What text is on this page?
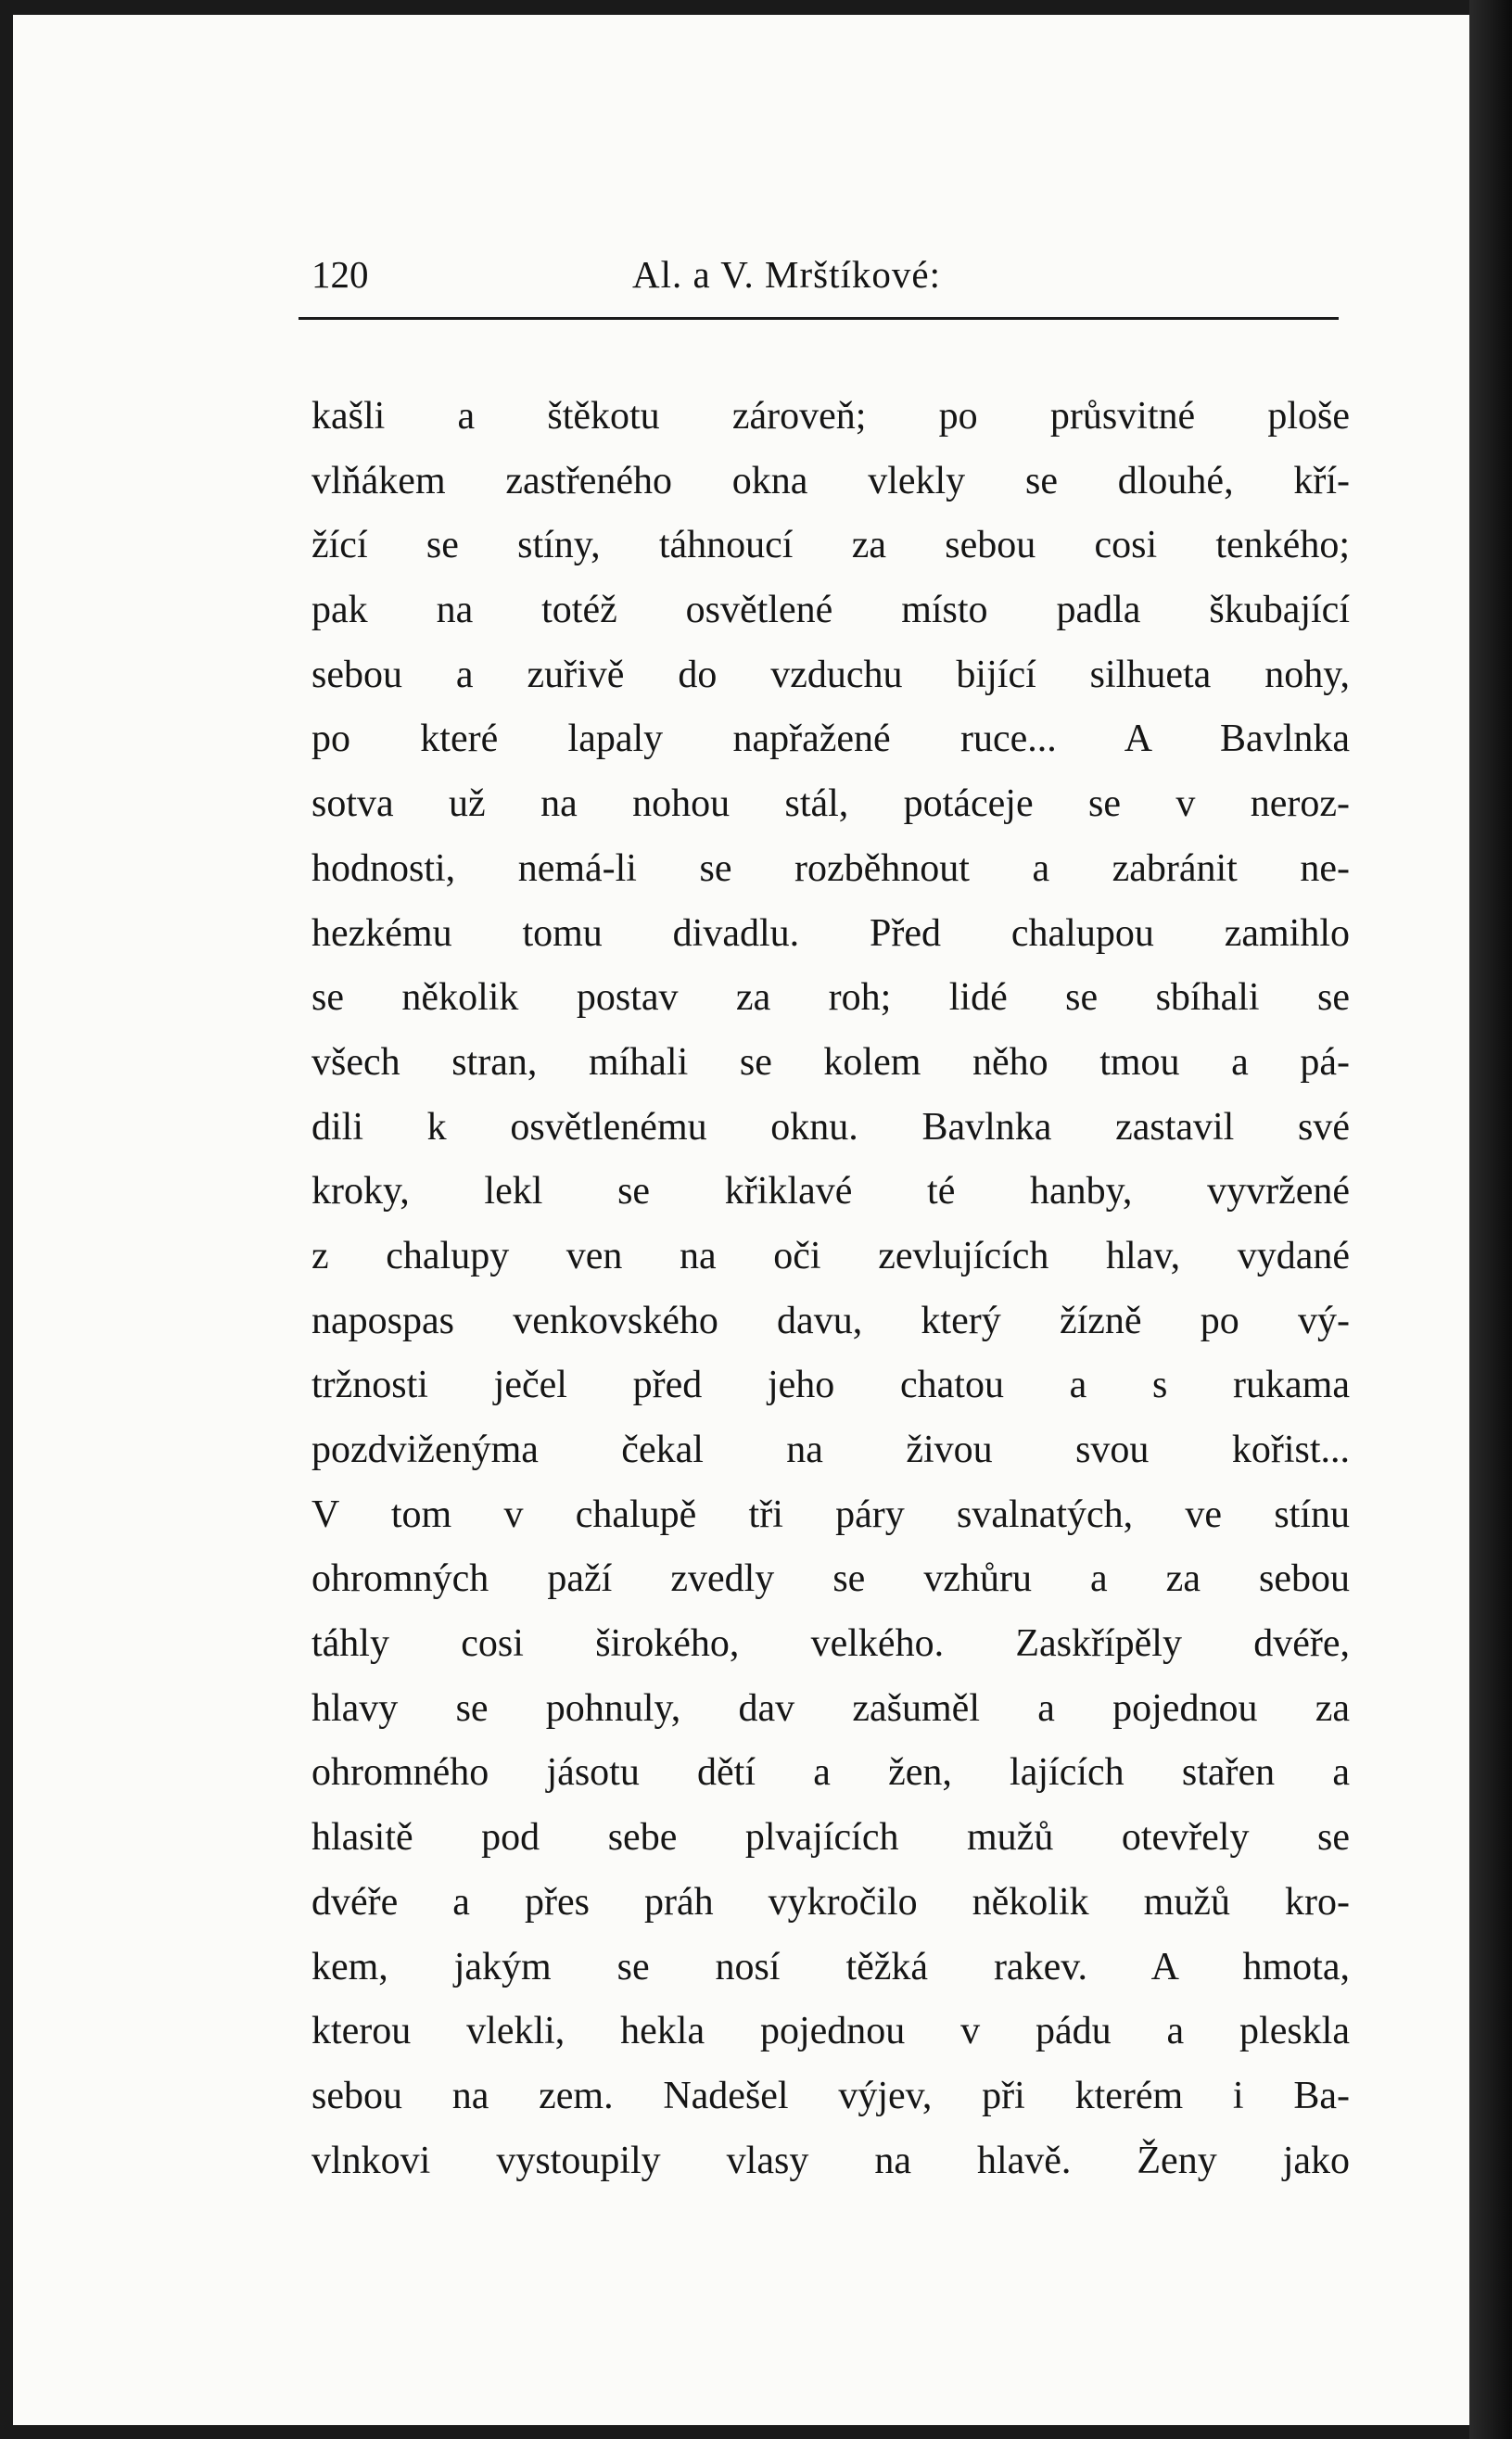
120	Al. a V. Mrštíkové:
kašli a štěkotu zároveň; po průsvitné ploše
vlňákem zastřeného okna vlekly se dlouhé, kří-
žící se stíny, táhnoucí za sebou cosi tenkého;
pak na totéž osvětlené místo padla škubající
sebou a zuřivě do vzduchu bijící silhueta nohy,
po které lapaly napřažené ruce... A Bavlnka
sotva už na nohou stál, potáceje se v neroz-
hodnosti, nemá-li se rozběhnout a zabránit ne-
hezkému tomu divadlu. Před chalupou zamihlo
se několik postav za roh; lidé se sbíhali se
všech stran, míhali se kolem něho tmou a pá-
dili k osvětlenému oknu. Bavlnka zastavil své
kroky, lekl se křiklavé té hanby, vyvržené
z chalupy ven na oči zevlujících hlav, vydané
napospas venkovského davu, který žízně po vý-
tržnosti ječel před jeho chatou a s rukama
pozdviženýma čekal na živou svou kořist...
V tom v chalupě tři páry svalnatých, ve stínu
ohromných paží zvedly se vzhůru a za sebou
táhly cosi širokého, velkého. Zaskřípěly dvéře,
hlavy se pohnuly, dav zašuměl a pojednou za
ohromného jásotu dětí a žen, lajících stařen a
hlasitě pod sebe plvajících mužů otevřely se
dvéře a přes práh vykročilo několik mužů kro-
kem, jakým se nosí těžká rakev. A hmota,
kterou vlekli, hekla pojednou v pádu a pleskla
sebou na zem. Nadešel výjev, při kterém i Ba-
vlnkovi vystoupily vlasy na hlavě. Ženy jako
